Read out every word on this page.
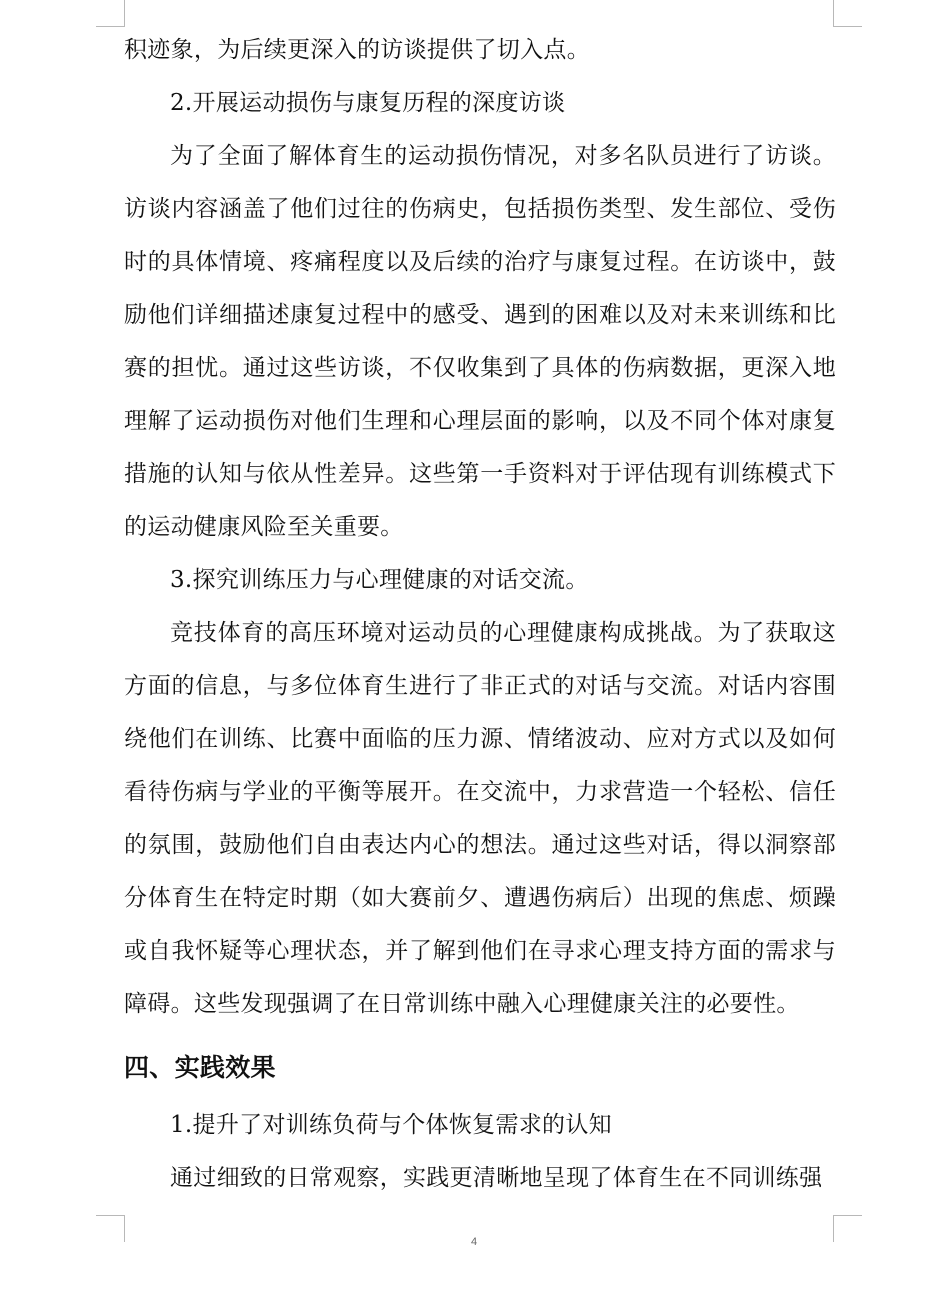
积迹象，为后续更深入的访谈提供了切入点。

2.开展运动损伤与康复历程的深度访谈

为了全面了解体育生的运动损伤情况，对多名队员进行了访谈。访谈内容涵盖了他们过往的伤病史，包括损伤类型、发生部位、受伤时的具体情境、疼痛程度以及后续的治疗与康复过程。在访谈中，鼓励他们详细描述康复过程中的感受、遇到的困难以及对未来训练和比赛的担忧。通过这些访谈，不仅收集到了具体的伤病数据，更深入地理解了运动损伤对他们生理和心理层面的影响，以及不同个体对康复措施的认知与依从性差异。这些第一手资料对于评估现有训练模式下的运动健康风险至关重要。

3.探究训练压力与心理健康的对话交流。

竞技体育的高压环境对运动员的心理健康构成挑战。为了获取这方面的信息，与多位体育生进行了非正式的对话与交流。对话内容围绕他们在训练、比赛中面临的压力源、情绪波动、应对方式以及如何看待伤病与学业的平衡等展开。在交流中，力求营造一个轻松、信任的氛围，鼓励他们自由表达内心的想法。通过这些对话，得以洞察部分体育生在特定时期（如大赛前夕、遭遇伤病后）出现的焦虑、烦躁或自我怀疑等心理状态，并了解到他们在寻求心理支持方面的需求与障碍。这些发现强调了在日常训练中融入心理健康关注的必要性。

四、实践效果

1.提升了对训练负荷与个体恢复需求的认知

通过细致的日常观察，实践更清晰地呈现了体育生在不同训练强

4
